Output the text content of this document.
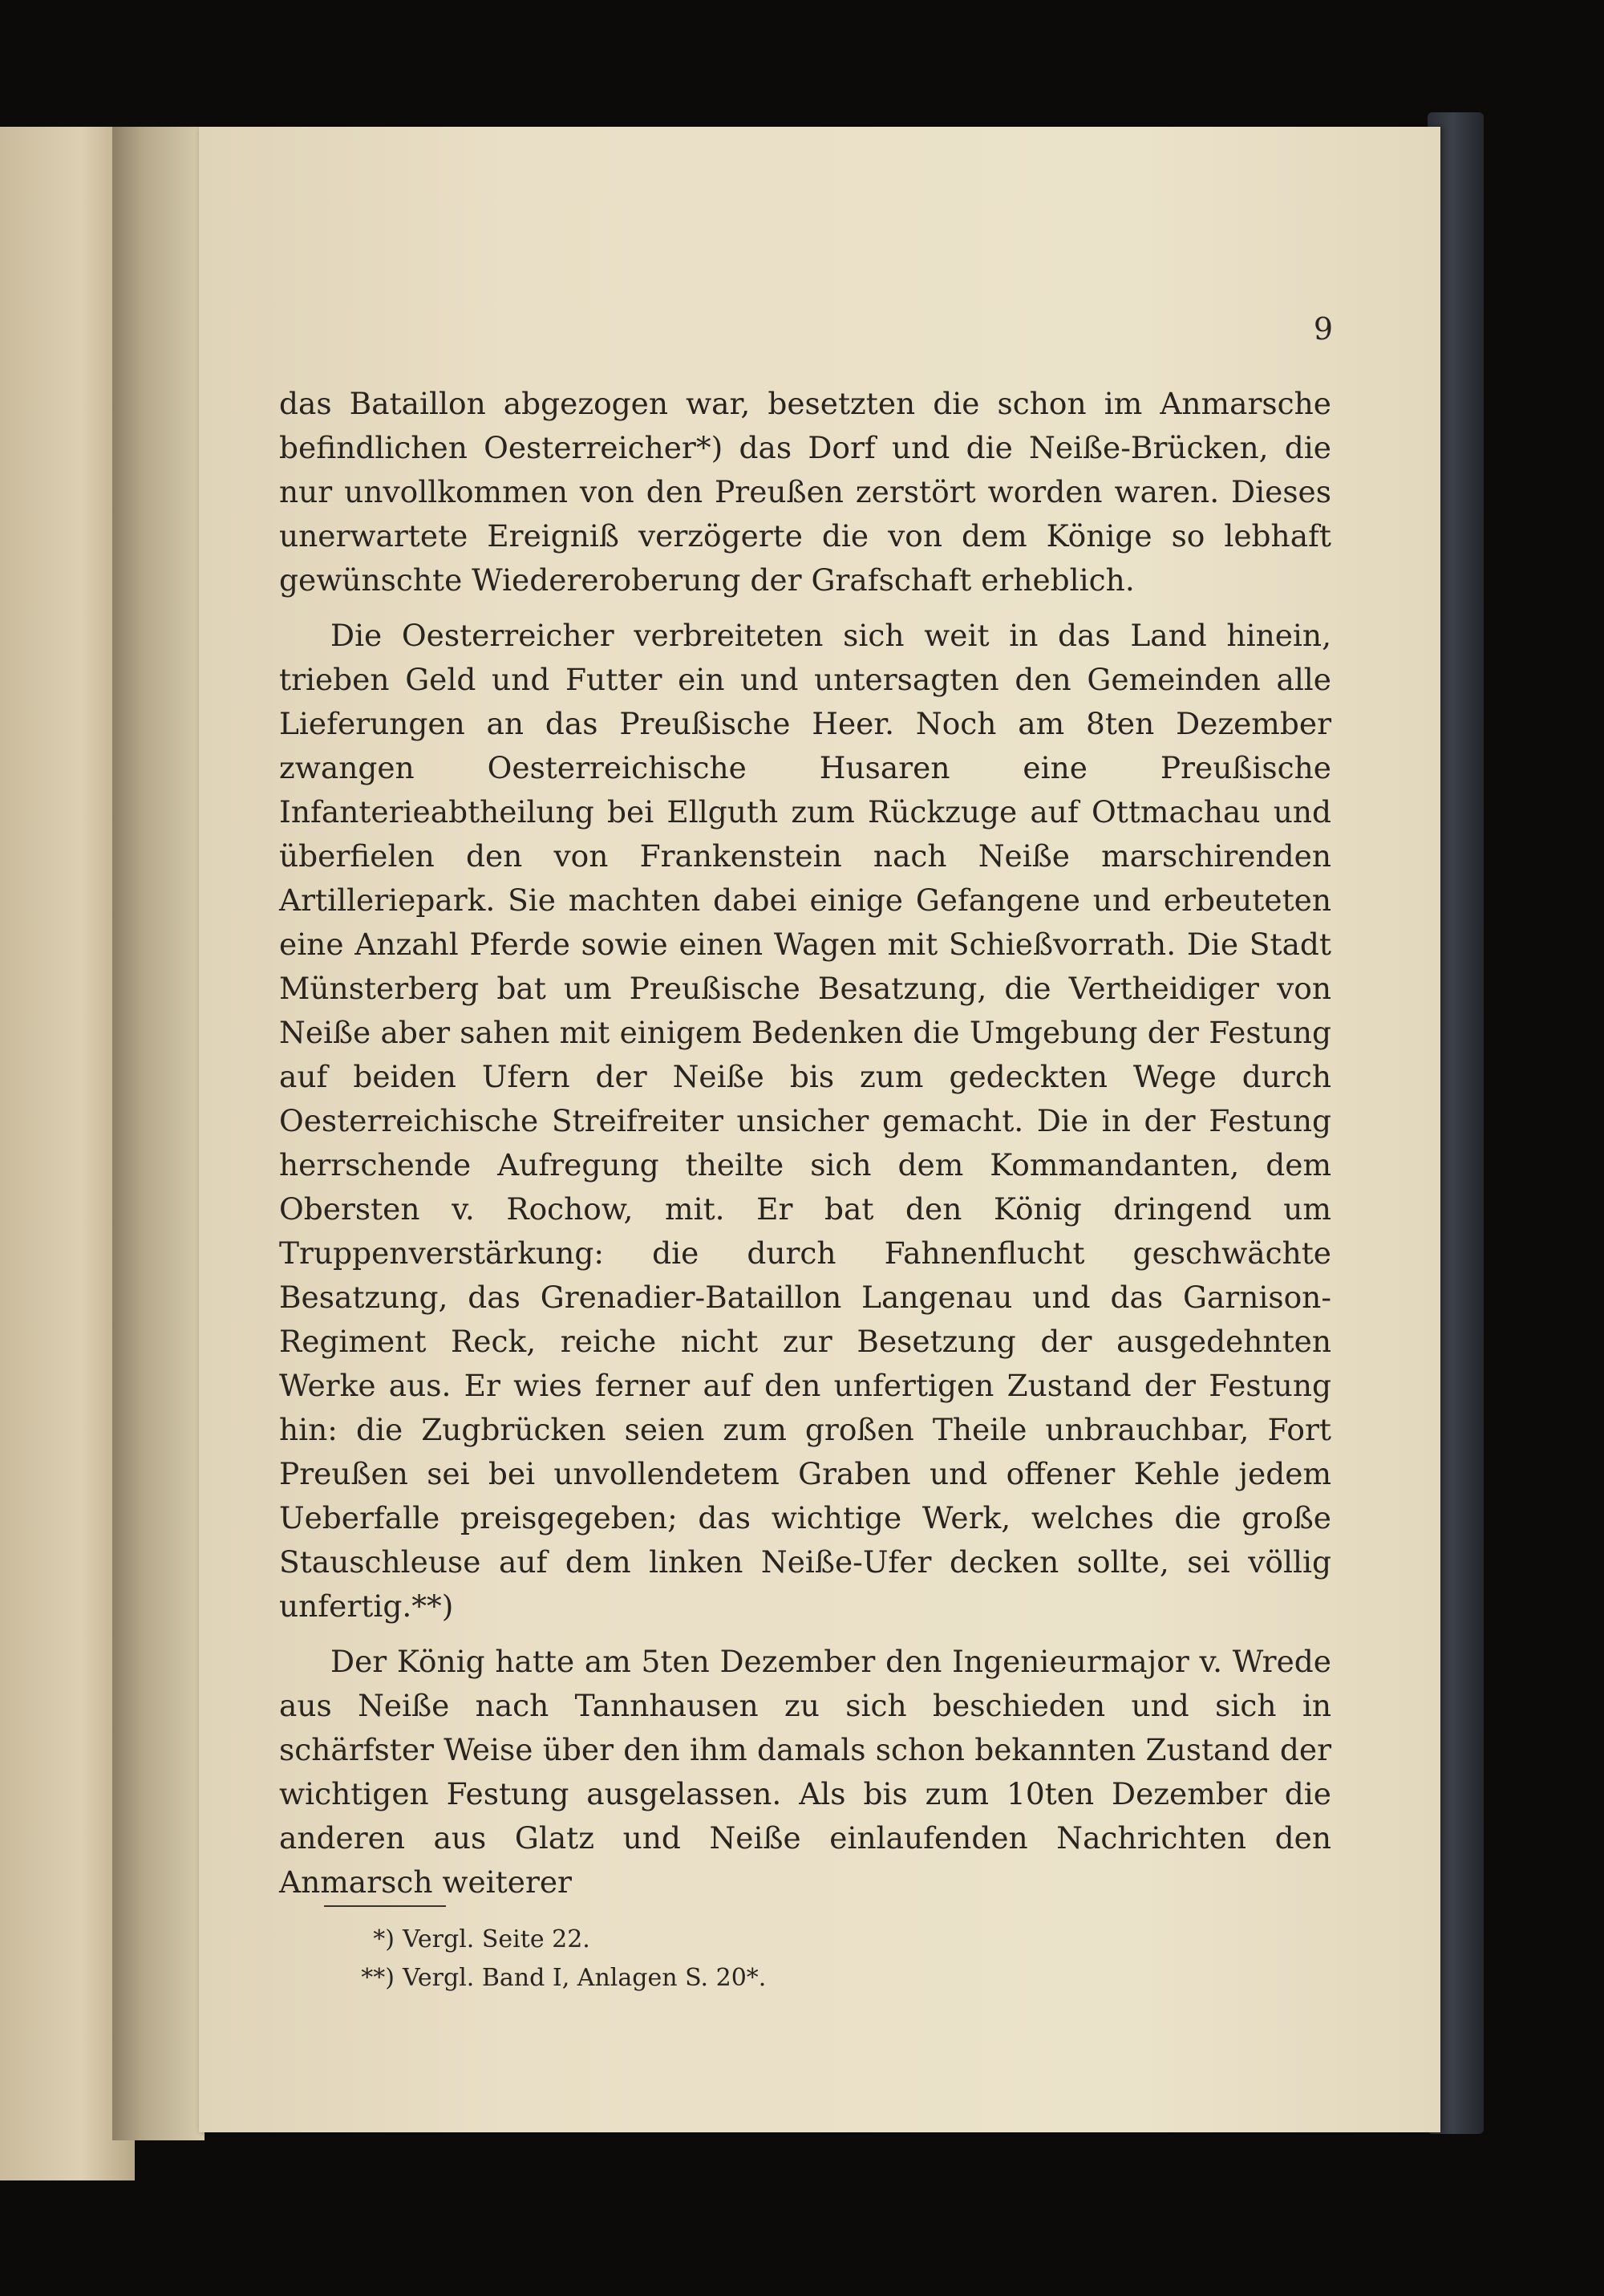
9

das Bataillon abgezogen war, besetzten die schon im Anmarsche befindlichen Oesterreicher*) das Dorf und die Neiße-Brücken, die nur unvollkommen von den Preußen zerstört worden waren. Dieses unerwartete Ereigniß verzögerte die von dem Könige so lebhaft gewünschte Wiedereroberung der Grafschaft erheblich.

Die Oesterreicher verbreiteten sich weit in das Land hinein, trieben Geld und Futter ein und untersagten den Gemeinden alle Lieferungen an das Preußische Heer. Noch am 8ten Dezember zwangen Oesterreichische Husaren eine Preußische Infanterieabtheilung bei Ellguth zum Rückzuge auf Ottmachau und überfielen den von Frankenstein nach Neiße marschirenden Artilleriepark. Sie machten dabei einige Gefangene und erbeuteten eine Anzahl Pferde sowie einen Wagen mit Schießvorrath. Die Stadt Münsterberg bat um Preußische Besatzung, die Vertheidiger von Neiße aber sahen mit einigem Bedenken die Umgebung der Festung auf beiden Ufern der Neiße bis zum gedeckten Wege durch Oesterreichische Streifreiter unsicher gemacht. Die in der Festung herrschende Aufregung theilte sich dem Kommandanten, dem Obersten v. Rochow, mit. Er bat den König dringend um Truppenverstärkung: die durch Fahnenflucht geschwächte Besatzung, das Grenadier-Bataillon Langenau und das Garnison-Regiment Reck, reiche nicht zur Besetzung der ausgedehnten Werke aus. Er wies ferner auf den unfertigen Zustand der Festung hin: die Zugbrücken seien zum großen Theile unbrauchbar, Fort Preußen sei bei unvollendetem Graben und offener Kehle jedem Ueberfalle preisgegeben; das wichtige Werk, welches die große Stauschleuse auf dem linken Neiße-Ufer decken sollte, sei völlig unfertig.**)

Der König hatte am 5ten Dezember den Ingenieurmajor v. Wrede aus Neiße nach Tannhausen zu sich beschieden und sich in schärfster Weise über den ihm damals schon bekannten Zustand der wichtigen Festung ausgelassen. Als bis zum 10ten Dezember die anderen aus Glatz und Neiße einlaufenden Nachrichten den Anmarsch weiterer

*) Vergl. Seite 22.
**) Vergl. Band I, Anlagen S. 20*.
